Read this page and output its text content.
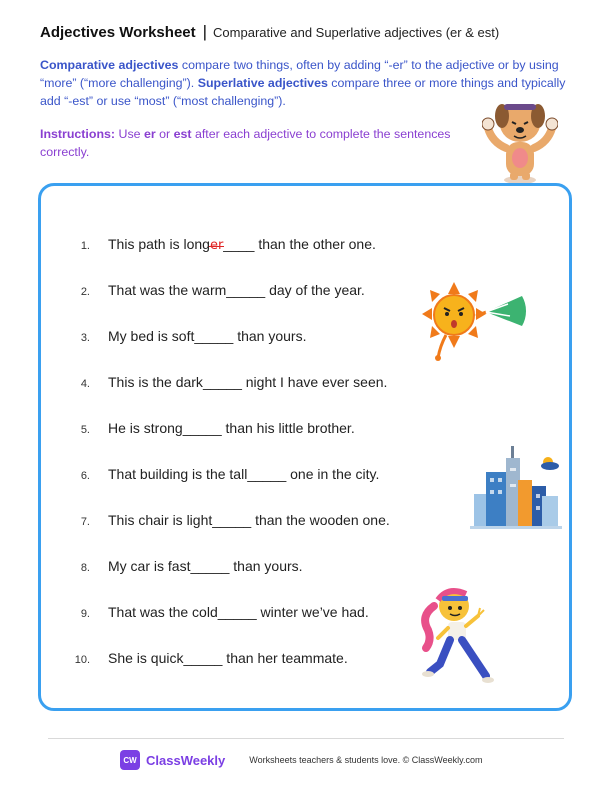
Adjectives Worksheet | Comparative and Superlative adjectives (er & est)
Comparative adjectives compare two things, often by adding “-er” to the adjective or by using “more” (“more challenging”). Superlative adjectives compare three or more things and typically add “-est” or use “most” (“most challenging”).
Instructions: Use er or est after each adjective to complete the sentences correctly.
1. This path is longer____ than the other one.
2. That was the warm_____ day of the year.
3. My bed is soft_____ than yours.
4. This is the dark_____ night I have ever seen.
5. He is strong_____ than his little brother.
6. That building is the tall_____ one in the city.
7. This chair is light_____ than the wooden one.
8. My car is fast_____ than yours.
9. That was the cold_____ winter we’ve had.
10. She is quick_____ than her teammate.
CW ClassWeekly	Worksheets teachers & students love. © ClassWeekly.com
